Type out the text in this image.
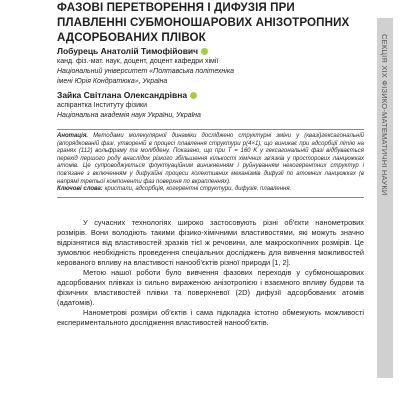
СЕКЦІЯ XIX ФІЗИКО-МАТЕМАТИЧНІ НАУКИ
ФАЗОВІ ПЕРЕТВОРЕННЯ І ДИФУЗІЯ ПРИ ПЛАВЛЕННІ СУБМОНОШАРОВИХ АНІЗОТРОПНИХ АДСОРБОВАНИХ ПЛІВОК
Лобурець Анатолій Тимофійович
канд. фіз.-мат. наук, доцент, доцент кафедри хімії
Національний університет «Полтавська політехніка
імені Юрія Кондратюка», Україна
Зайка Світлана Олександрівна
аспірантка Інституту фізики
Національна академія наук України, Україна
Анотація. Методами молекулярної динаміки досліджено структурні зміни у (квазі)гексагональній (впорядкованій фазі, утвореній в процесі плавлення структури р(4×1), що виникає при адсорбції літію на гранях (112) вольфраму та молібдену. Показано, що при T = 160 K у гексагональній фазі відбувається перехід першого роду внаслідок різкого збільшення кількості хімічних зв'язків у просторових ланцюжках атомів. Це супроводжується флуктуаційним виникненням і руйнуванням некогерентних структур і пов'язане з включенням у дифузійні процеси колективних механізмів дифузії по атомних ланцюжках (в напрямі третьої компоненти фаз поверхня по вкрапленнях).
Ключові слова: кристали, адсорбція, когерентні структури, дифузія, плавлення.

У сучасних технологіях широко застосовують різні об'єкти нанометрових розмірів. Вони володіють такими фізико-хімічними властивостями, які можуть значно відрізнятися від властивостей зразків тієї ж речовини, але макроскопічних розмірів. Це зумовлює необхідність проведення спеціальних досліджень для вивчення можливостей керованого впливу на властивості нанооб'єктів різної природи [1, 2].

Метою нашої роботи було вивчення фазових переходів у субмоношарових адсорбованих плівках із сильно вираженою анізотропією і взаємного впливу будови та фізичних властивостей плівки та поверхневої (2D) дифузії адсорбованих атомів (адатомів).

Нанометрові розміри об'єктів і сама підкладка істотно обмежують можливості експериментального дослідження властивостей нанооб'єктів.
